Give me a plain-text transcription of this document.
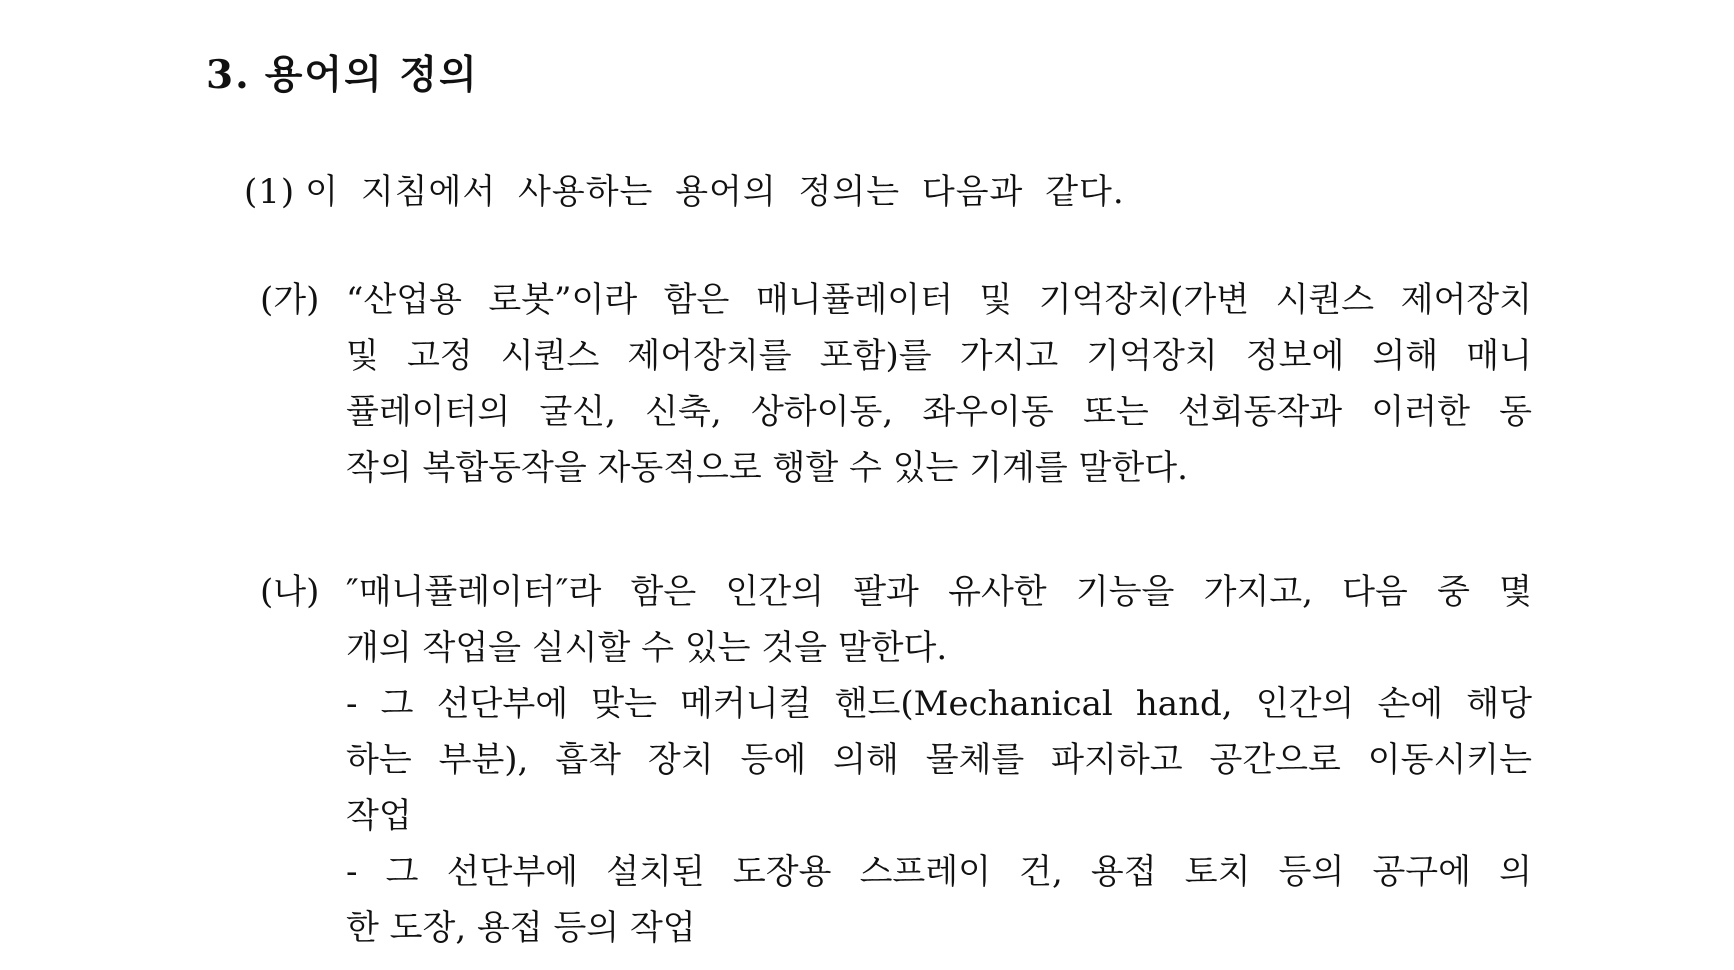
3. 용어의 정의
(1) 이 지침에서 사용하는 용어의 정의는 다음과 같다.
(가) “산업용 로봇”이라 함은 매니퓰레이터 및 기억장치(가변 시퀀스 제어장치
및 고정 시퀀스 제어장치를 포함)를 가지고 기억장치 정보에 의해 매니
퓰레이터의 굴신, 신축, 상하이동, 좌우이동 또는 선회동작과 이러한 동
작의 복합동작을 자동적으로 행할 수 있는 기계를 말한다.
(나) ″매니퓰레이터″라 함은 인간의 팔과 유사한 기능을 가지고, 다음 중 몇
개의 작업을 실시할 수 있는 것을 말한다.
- 그 선단부에 맞는 메커니컬 핸드(Mechanical hand, 인간의 손에 해당
하는 부분), 흡착 장치 등에 의해 물체를 파지하고 공간으로 이동시키는
작업
- 그 선단부에 설치된 도장용 스프레이 건, 용접 토치 등의 공구에 의
한 도장, 용접 등의 작업
